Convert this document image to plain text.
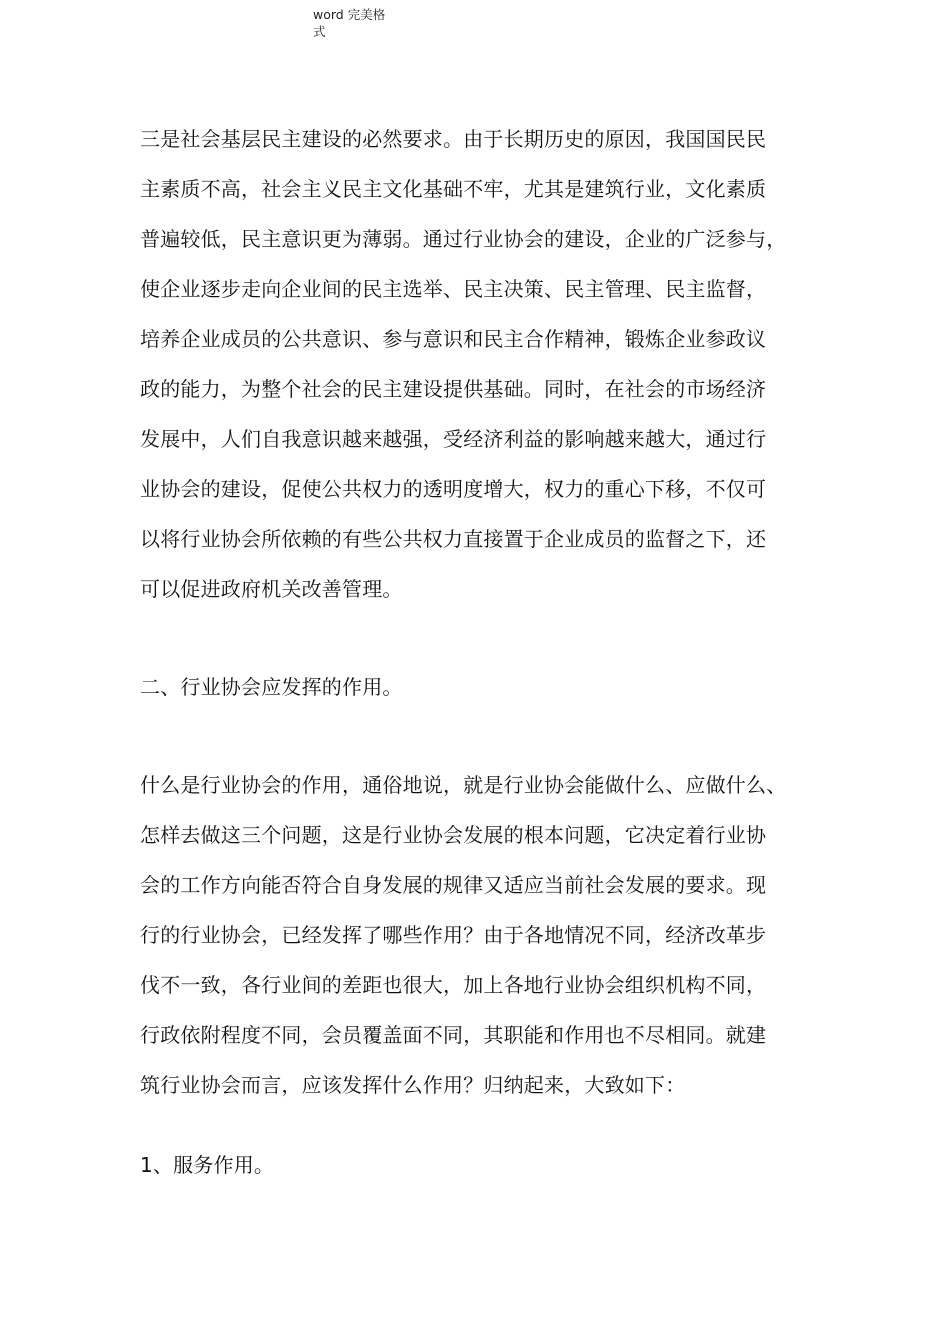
word 完美格
式
三是社会基层民主建设的必然要求。由于长期历史的原因，我国国民民
主素质不高，社会主义民主文化基础不牢，尤其是建筑行业，文化素质
普遍较低，民主意识更为薄弱。通过行业协会的建设，企业的广泛参与，
使企业逐步走向企业间的民主选举、民主决策、民主管理、民主监督，
培养企业成员的公共意识、参与意识和民主合作精神，锻炼企业参政议
政的能力，为整个社会的民主建设提供基础。同时，在社会的市场经济
发展中，人们自我意识越来越强，受经济利益的影响越来越大，通过行
业协会的建设，促使公共权力的透明度增大，权力的重心下移，不仅可
以将行业协会所依赖的有些公共权力直接置于企业成员的监督之下，还
可以促进政府机关改善管理。
二、行业协会应发挥的作用。
什么是行业协会的作用，通俗地说，就是行业协会能做什么、应做什么、
怎样去做这三个问题，这是行业协会发展的根本问题，它决定着行业协
会的工作方向能否符合自身发展的规律又适应当前社会发展的要求。现
行的行业协会，已经发挥了哪些作用？由于各地情况不同，经济改革步
伐不一致，各行业间的差距也很大，加上各地行业协会组织机构不同，
行政依附程度不同，会员覆盖面不同，其职能和作用也不尽相同。就建
筑行业协会而言，应该发挥什么作用？归纳起来，大致如下：
1、服务作用。
